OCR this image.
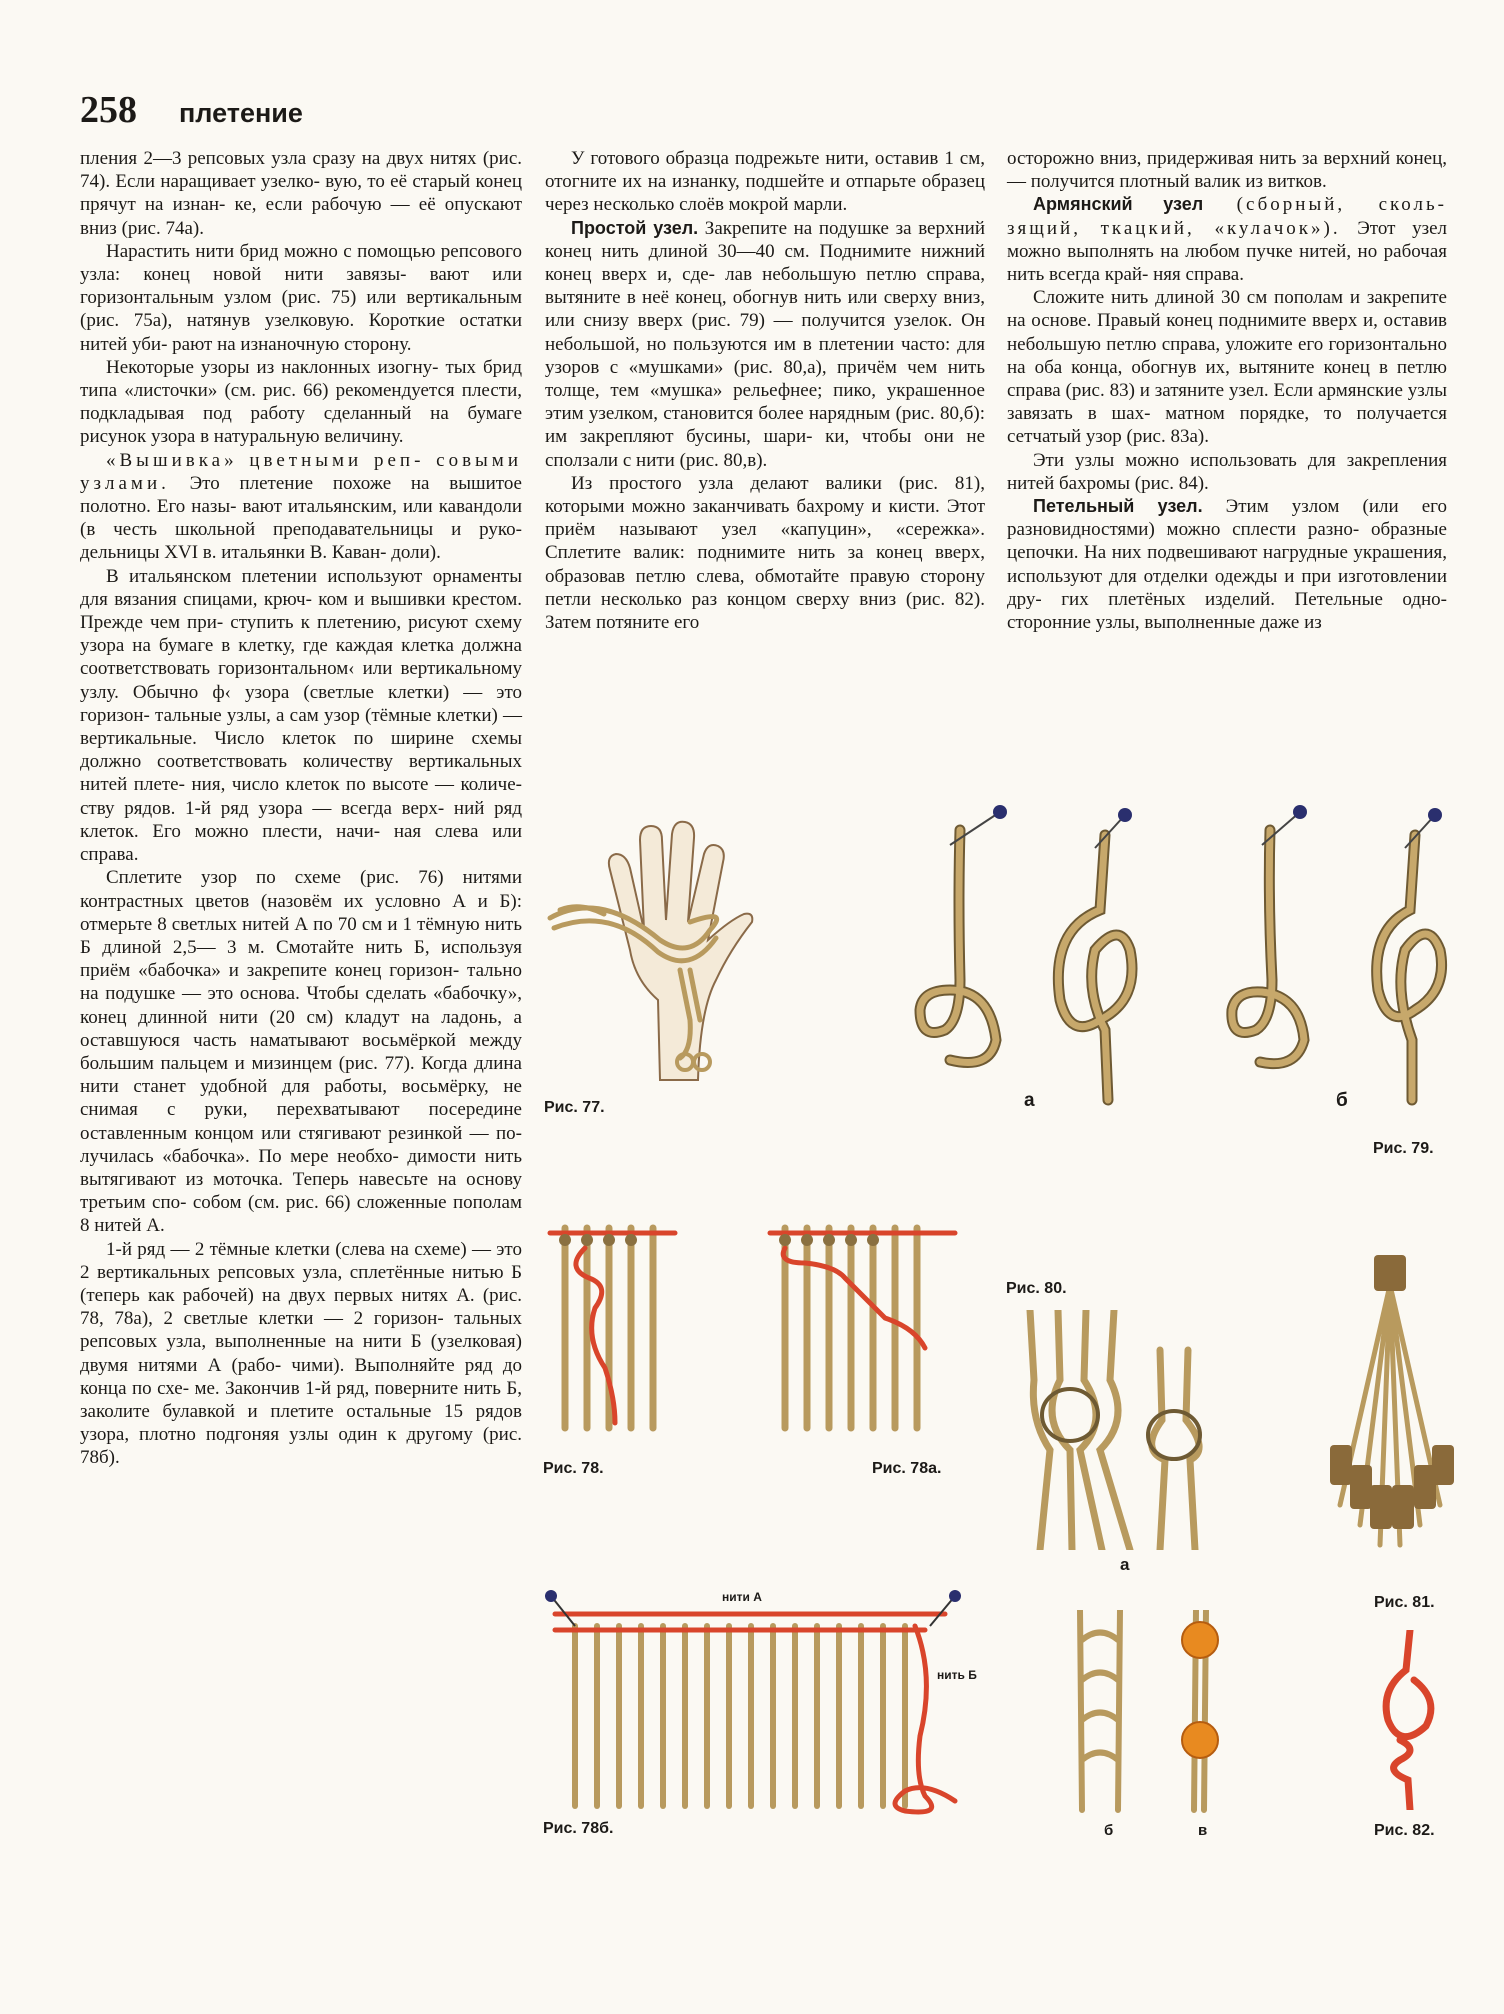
258 плетение

пления 2—3 репсовых узла сразу на двух нитях (рис. 74). Если наращивает узелко- вую, то её старый конец прячут на изнан- ке, если рабочую — её опускают вниз (рис. 74а).

Нарастить нити брид можно с помощью репсового узла: конец новой нити завязы- вают или горизонтальным узлом (рис. 75) или вертикальным (рис. 75а), натянув узелковую. Короткие остатки нитей уби- рают на изнаночную сторону.

Некоторые узоры из наклонных изогну- тых брид типа «листочки» (см. рис. 66) рекомендуется плести, подкладывая под работу сделанный на бумаге рисунок узора в натуральную величину.

«Вышивка» цветными реп- совыми узлами. Это плетение похоже на вышитое полотно. Его назы- вают итальянским, или кавандоли (в честь школьной преподавательницы и руко- дельницы XVI в. итальянки В. Каван- доли).

В итальянском плетении используют орнаменты для вязания спицами, крюч- ком и вышивки крестом. Прежде чем при- ступить к плетению, рисуют схему узора на бумаге в клетку, где каждая клетка должна соответствовать горизонтальном‹ или вертикальному узлу. Обычно ф‹ узора (светлые клетки) — это горизон- тальные узлы, а сам узор (тёмные клетки) — вертикальные. Число клеток по ширине схемы должно соответствовать количеству вертикальных нитей плете- ния, число клеток по высоте — количе- ству рядов. 1-й ряд узора — всегда верх- ний ряд клеток. Его можно плести, начи- ная слева или справа.

Сплетите узор по схеме (рис. 76) нитями контрастных цветов (назовём их условно А и Б): отмерьте 8 светлых нитей А по 70 см и 1 тёмную нить Б длиной 2,5— 3 м. Смотайте нить Б, используя приём «бабочка» и закрепите конец горизон- тально на подушке — это основа. Чтобы сделать «бабочку», конец длинной нити (20 см) кладут на ладонь, а оставшуюся часть наматывают восьмёркой между большим пальцем и мизинцем (рис. 77). Когда длина нити станет удобной для работы, восьмёрку, не снимая с руки, перехватывают посередине оставленным концом или стягивают резинкой — по- лучилась «бабочка». По мере необхо- димости нить вытягивают из моточка. Теперь навесьте на основу третьим спо- собом (см. рис. 66) сложенные пополам 8 нитей А.

1-й ряд — 2 тёмные клетки (слева на схеме) — это 2 вертикальных репсовых узла, сплетённые нитью Б (теперь как рабочей) на двух первых нитях А. (рис. 78, 78а), 2 светлые клетки — 2 горизон- тальных репсовых узла, выполненные на нити Б (узелковая) двумя нитями А (рабо- чими). Выполняйте ряд до конца по схе- ме. Закончив 1-й ряд, поверните нить Б, заколите булавкой и плетите остальные 15 рядов узора, плотно подгоняя узлы один к другому (рис. 78б).

У готового образца подрежьте нити, оставив 1 см, отогните их на изнанку, подшейте и отпарьте образец через несколько слоёв мокрой марли.

Простой узел. Закрепите на подушке за верхний конец нить длиной 30—40 см. Поднимите нижний конец вверх и, сде- лав небольшую петлю справа, вытяните в неё конец, обогнув нить или сверху вниз, или снизу вверх (рис. 79) — получится узелок. Он небольшой, но пользуются им в плетении часто: для узоров с «мушками» (рис. 80,а), причём чем нить толще, тем «мушка» рельефнее; пико, украшенное этим узелком, становится более нарядным (рис. 80,б): им закрепляют бусины, шари- ки, чтобы они не сползали с нити (рис. 80,в).

Из простого узла делают валики (рис. 81), которыми можно заканчивать бахрому и кисти. Этот приём называют узел «капуцин», «сережка». Сплетите валик: поднимите нить за конец вверх, образовав петлю слева, обмотайте правую сторону петли несколько раз концом сверху вниз (рис. 82). Затем потяните его

осторожно вниз, придерживая нить за верхний конец, — получится плотный валик из витков.

Армянский узел (сборный, сколь- зящий, ткацкий, «кулачок»). Этот узел можно выполнять на любом пучке нитей, но рабочая нить всегда край- няя справа.

Сложите нить длиной 30 см пополам и закрепите на основе. Правый конец поднимите вверх и, оставив небольшую петлю справа, уложите его горизонтально на оба конца, обогнув их, вытяните конец в петлю справа (рис. 83) и затяните узел. Если армянские узлы завязать в шах- матном порядке, то получается сетчатый узор (рис. 83а).

Эти узлы можно использовать для закрепления нитей бахромы (рис. 84).

Петельный узел. Этим узлом (или его разновидностями) можно сплести разно- образные цепочки. На них подвешивают нагрудные украшения, используют для отделки одежды и при изготовлении дру- гих плетёных изделий. Петельные одно- сторонние узлы, выполненные даже из

а	б
нити А
нить Б
а
б	в
Рис. 77.
Рис. 79.
Рис. 80.
Рис. 78.	Рис. 78а.
Рис. 81.
Рис. 78б.	Рис. 82.
